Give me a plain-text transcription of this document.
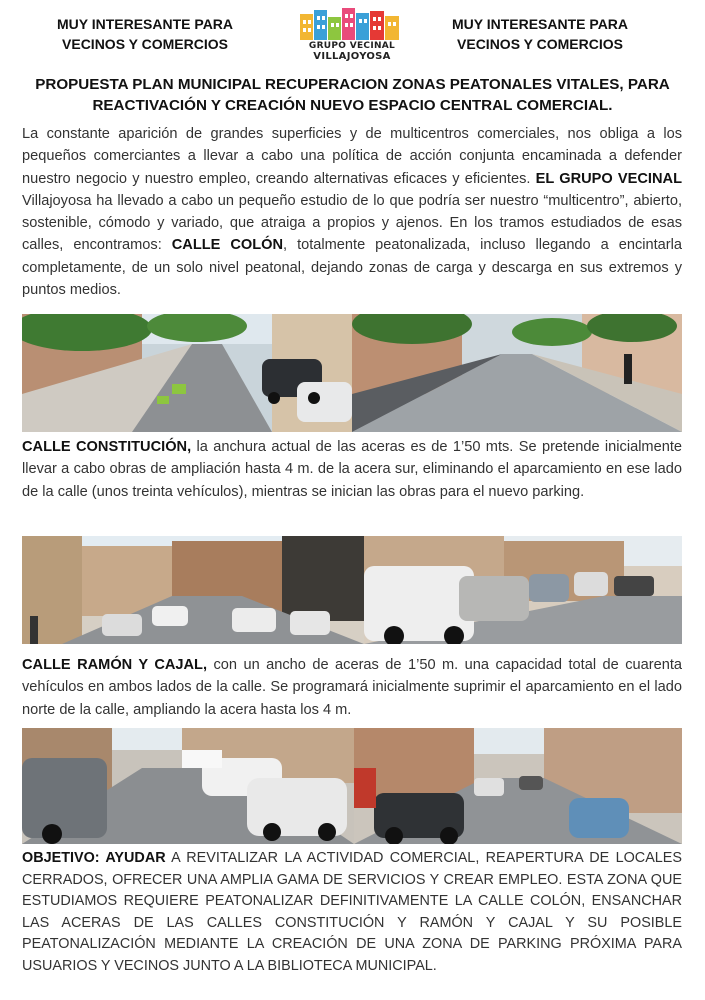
MUY INTERESANTE PARA
VECINOS Y COMERCIOS
MUY INTERESANTE PARA
VECINOS Y COMERCIOS
GRUPO VECINAL
VILLAJOYOSA
PROPUESTA PLAN MUNICIPAL RECUPERACION ZONAS PEATONALES VITALES, PARA
REACTIVACIÓN Y CREACIÓN NUEVO ESPACIO CENTRAL COMERCIAL.

La constante aparición de grandes superficies y de multicentros comerciales, nos obliga a los pequeños comerciantes a llevar a cabo una política de acción conjunta encaminada a defender nuestro negocio y nuestro empleo, creando alternativas eficaces y eficientes. EL GRUPO VECINAL Villajoyosa ha llevado a cabo un pequeño estudio de lo que podría ser nuestro “multicentro”, abierto, sostenible, cómodo y variado, que atraiga a propios y ajenos. En los tramos estudiados de esas calles, encontramos: CALLE COLÓN, totalmente peatonalizada, incluso llegando a encintarla completamente, de un solo nivel peatonal, dejando zonas de carga y descarga en sus extremos y puntos medios.

CALLE CONSTITUCIÓN, la anchura actual de las aceras es de 1’50 mts. Se pretende inicialmente llevar a cabo obras de ampliación hasta 4 m. de la acera sur, eliminando el aparcamiento en ese lado de la calle (unos treinta vehículos), mientras se inician las obras para el nuevo parking.

CALLE RAMÓN Y CAJAL, con un ancho de aceras de 1’50 m. una capacidad total de cuarenta vehículos en ambos lados de la calle. Se programará inicialmente suprimir el aparcamiento en el lado norte de la calle, ampliando la acera hasta los 4 m.

OBJETIVO: AYUDAR A REVITALIZAR LA ACTIVIDAD COMERCIAL, REAPERTURA DE LOCALES CERRADOS, OFRECER UNA AMPLIA GAMA DE SERVICIOS Y CREAR EMPLEO. ESTA ZONA QUE ESTUDIAMOS REQUIERE PEATONALIZAR DEFINITIVAMENTE LA CALLE COLÓN, ENSANCHAR LAS ACERAS DE LAS CALLES CONSTITUCIÓN Y RAMÓN Y CAJAL Y SU POSIBLE PEATONALIZACIÓN MEDIANTE LA CREACIÓN DE UNA ZONA DE PARKING PRÓXIMA PARA USUARIOS Y VECINOS JUNTO A LA BIBLIOTECA MUNICIPAL.
